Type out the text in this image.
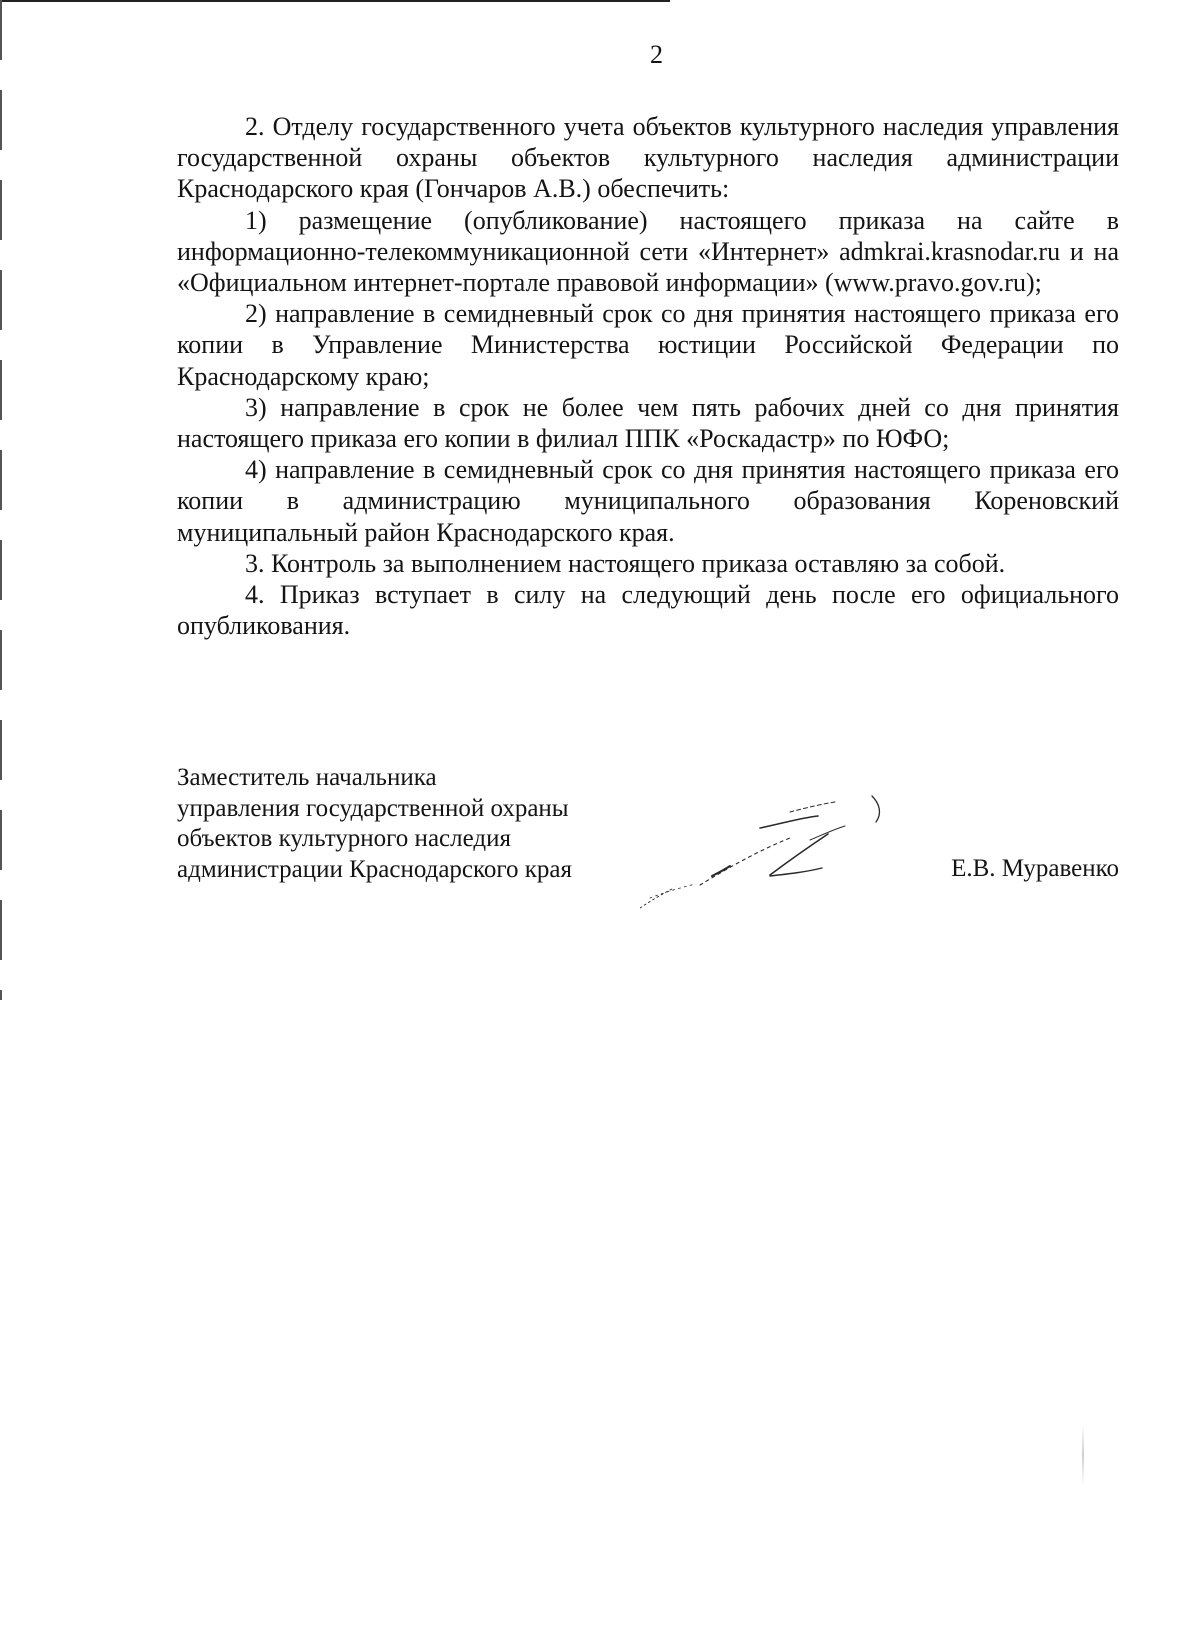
2

2. Отделу государственного учета объектов культурного наследия управления государственной охраны объектов культурного наследия администрации Краснодарского края (Гончаров А.В.) обеспечить:

1) размещение (опубликование) настоящего приказа на сайте в информационно-телекоммуникационной сети «Интернет» admkrai.krasnodar.ru и на «Официальном интернет-портале правовой информации» (www.pravo.gov.ru);

2) направление в семидневный срок со дня принятия настоящего приказа его копии в Управление Министерства юстиции Российской Федерации по Краснодарскому краю;

3) направление в срок не более чем пять рабочих дней со дня принятия настоящего приказа его копии в филиал ППК «Роскадастр» по ЮФО;

4) направление в семидневный срок со дня принятия настоящего приказа его копии в администрацию муниципального образования Кореновский муниципальный район Краснодарского края.

3. Контроль за выполнением настоящего приказа оставляю за собой.

4. Приказ вступает в силу на следующий день после его официального опубликования.

Заместитель начальника
управления государственной охраны
объектов культурного наследия
администрации Краснодарского края	Е.В. Муравенко
